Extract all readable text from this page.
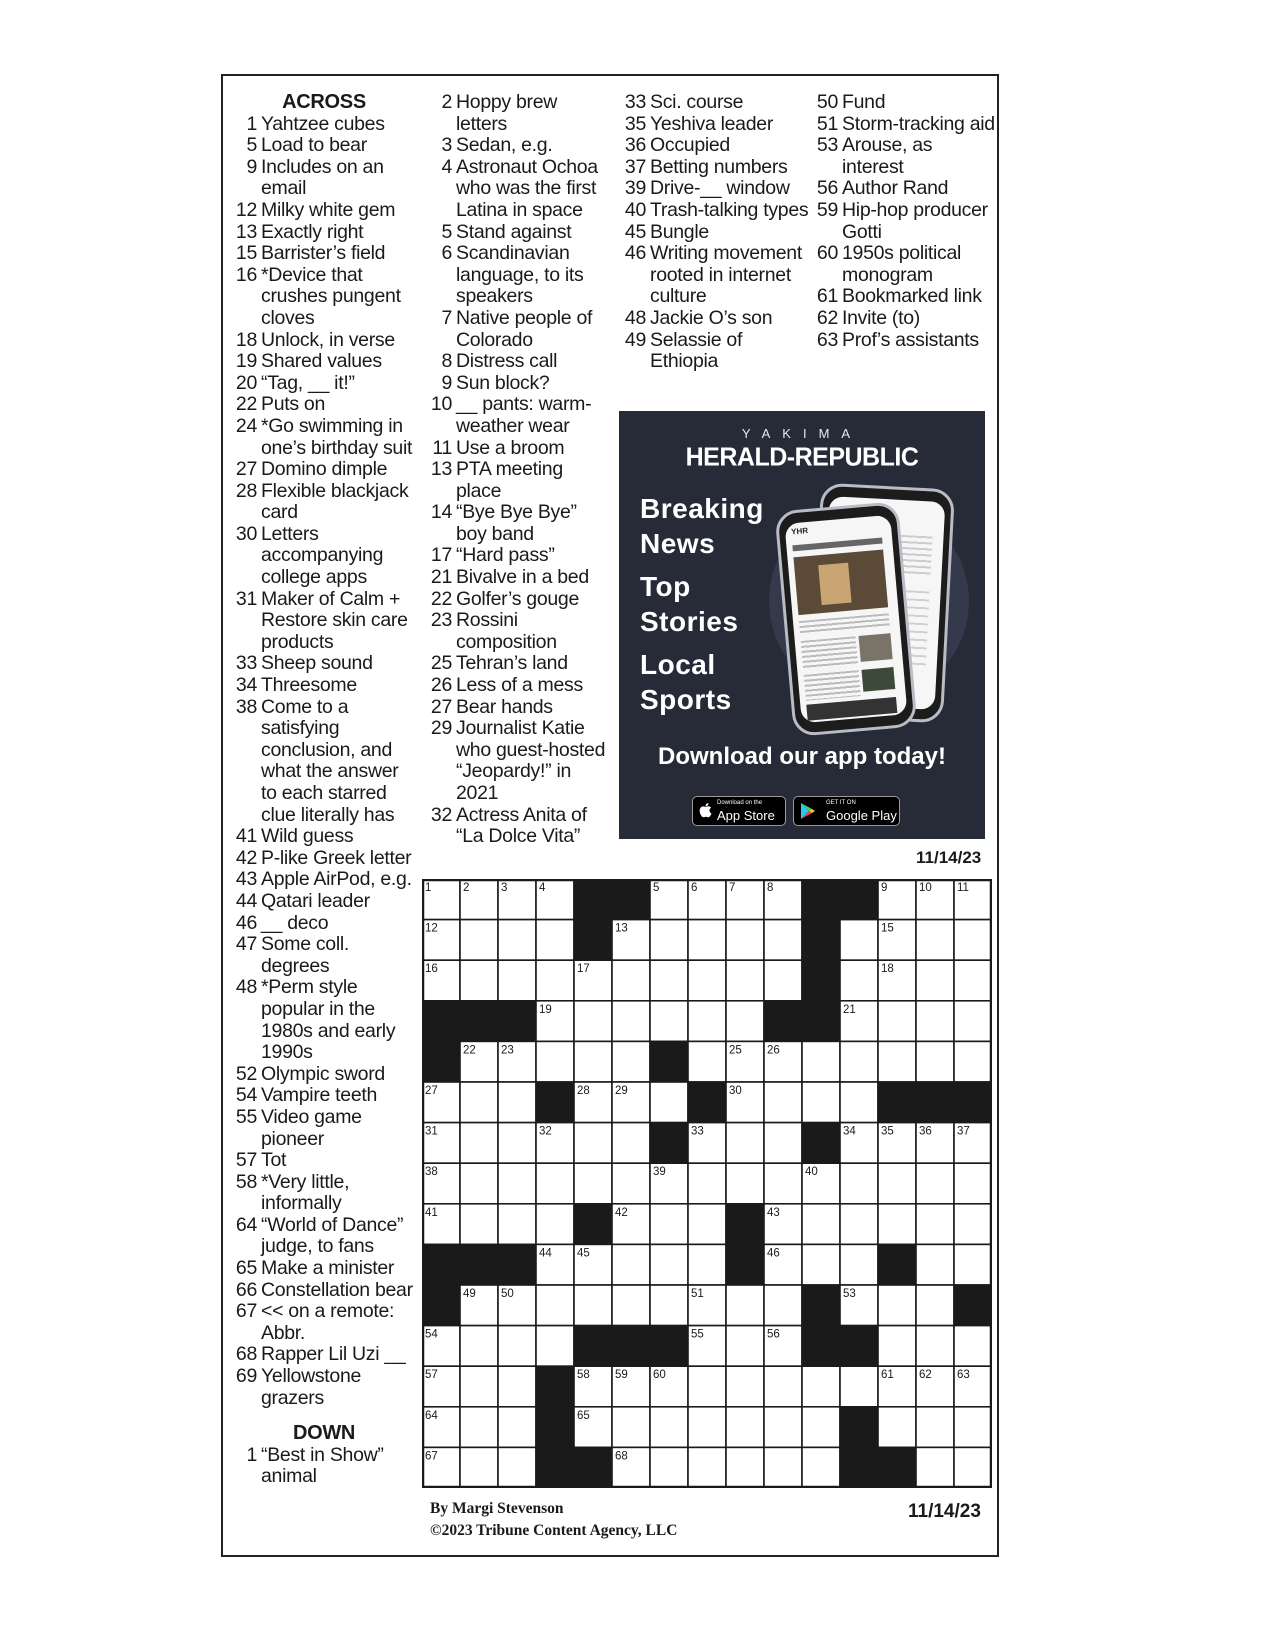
ACROSS
1 Yahtzee cubes
5 Load to bear
9 Includes on an email
12 Milky white gem
13 Exactly right
15 Barrister’s field
16 *Device that crushes pungent cloves
18 Unlock, in verse
19 Shared values
20 “Tag, __ it!”
22 Puts on
24 *Go swimming in one’s birthday suit
27 Domino dimple
28 Flexible blackjack card
30 Letters accompanying college apps
31 Maker of Calm + Restore skin care products
33 Sheep sound
34 Threesome
38 Come to a satisfying conclusion, and what the answer to each starred clue literally has
41 Wild guess
42 P-like Greek letter
43 Apple AirPod, e.g.
44 Qatari leader
46 __ deco
47 Some coll. degrees
48 *Perm style popular in the 1980s and early 1990s
52 Olympic sword
54 Vampire teeth
55 Video game pioneer
57 Tot
58 *Very little, informally
64 “World of Dance” judge, to fans
65 Make a minister
66 Constellation bear
67 << on a remote: Abbr.
68 Rapper Lil Uzi __
69 Yellowstone grazers
DOWN
1 “Best in Show” animal
2 Hoppy brew letters
3 Sedan, e.g.
4 Astronaut Ochoa who was the first Latina in space
5 Stand against
6 Scandinavian language, to its speakers
7 Native people of Colorado
8 Distress call
9 Sun block?
10 __ pants: warm-weather wear
11 Use a broom
13 PTA meeting place
14 “Bye Bye Bye” boy band
17 “Hard pass”
21 Bivalve in a bed
22 Golfer’s gouge
23 Rossini composition
25 Tehran’s land
26 Less of a mess
27 Bear hands
29 Journalist Katie who guest-hosted “Jeopardy!” in 2021
32 Actress Anita of “La Dolce Vita”
33 Sci. course
35 Yeshiva leader
36 Occupied
37 Betting numbers
39 Drive-__ window
40 Trash-talking types
45 Bungle
46 Writing movement rooted in internet culture
48 Jackie O’s son
49 Selassie of Ethiopia
50 Fund
51 Storm-tracking aid
53 Arouse, as interest
56 Author Rand
59 Hip-hop producer Gotti
60 1950s political monogram
61 Bookmarked link
62 Invite (to)
63 Prof’s assistants
YAKIMA
HERALD-REPUBLIC
Breaking News
Top Stories
Local Sports
YHR
Download our app today!
Download on the
App Store
GET IT ON
Google Play
11/14/23
1	2	3	4	5	6	7	8	9	10 11
12	13	14	15
16	17	18
19	20 21
22 23	24	25 26
27	28 29	30
31	32	33	34 35 36 37
38	39	40
41	42	43
44 45	46	47
48 49 50	51	52 53
54	55	56
57	58 59 60	61 62 63
64	65	66
67	68	69
By Margi Stevenson
©2023 Tribune Content Agency, LLC
11/14/23
